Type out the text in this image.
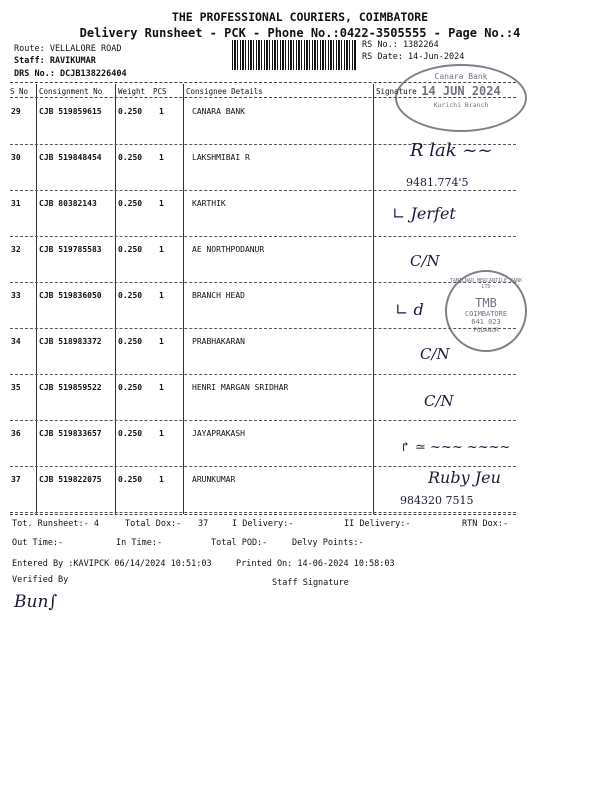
THE PROFESSIONAL COURIERS, COIMBATORE
Delivery Runsheet - PCK - Phone No.:0422-3505555 - Page No.:4
Route: VELLALORE ROAD
Staff: RAVIKUMAR
DRS No.: DCJB138226404
RS No.: 1382264
RS Date: 14-Jun-2024
S No Consignment No Weight PCS	Consignee Details	Signature
29 CJB 519859615 0.250 1	CANARA BANK
30 CJB 519848454 0.250 1	LAKSHMIBAI R
31 CJB 80382143	0.250 1	KARTHIK
32 CJB 519785583 0.250 1	AE NORTHPODANUR
33 CJB 519836050 0.250 1	BRANCH HEAD
34 CJB 518983372 0.250 1	PRABHAKARAN
35 CJB 519859522 0.250 1	HENRI MARGAN SRIDHAR
36 CJB 519833657 0.250 1	JAYAPRAKASH
37 CJB 519822075 0.250 1	ARUNKUMAR
Canara Bank
14 JUN 2024
Kurichi Branch
R lak ~~
9481.774'5
∟ Jerfet
C/N
TAMILNAD MERCANTILE BANK LTD
TMB
COIMBATORE
641 023
PODANUR
∟ d
C/N
C/N
↱ ≃ ~~~ ~~~~
Ruby Jeu
984320 7515
Tot. Runsheet:- 4	Total Dox:- 37	I Delivery:-	II Delivery:-	RTN Dox:-
Out Time:-	In Time:-	Total POD:-	Delvy Points:-
Entered By :KAVIPCK 06/14/2024 10:51:03	Printed On: 14-06-2024 10:58:03
Verified By	Staff Signature
Bun∫
